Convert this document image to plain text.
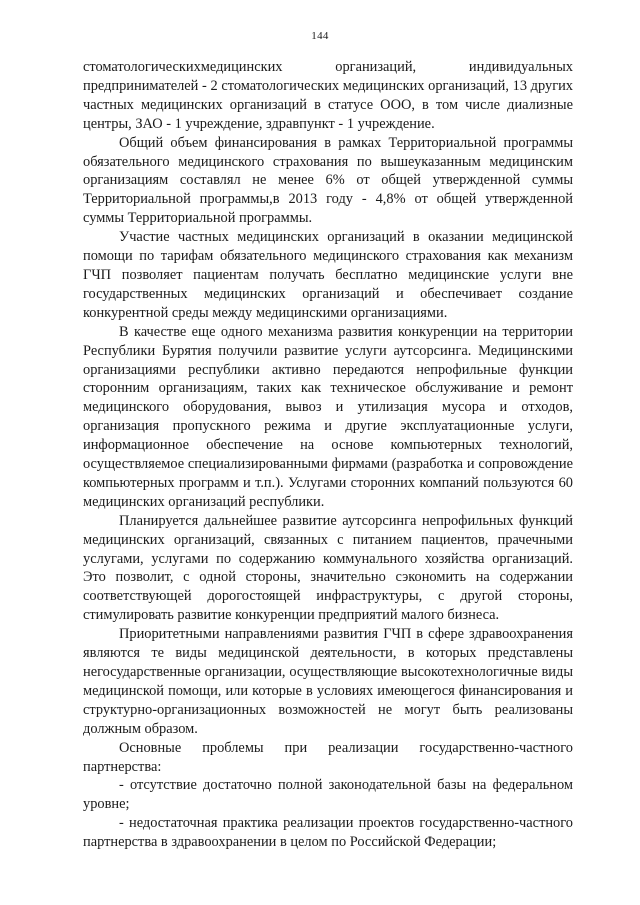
144

стоматологическихмедицинских организаций, индивидуальных предпринимателей - 2 стоматологических медицинских организаций, 13 других частных медицинских организаций в статусе ООО, в том числе диализные центры, ЗАО - 1 учреждение, здравпункт - 1 учреждение.

Общий объем финансирования в рамках Территориальной программы обязательного медицинского страхования по вышеуказанным медицинским организациям составлял не менее 6% от общей утвержденной суммы Территориальной программы,в 2013 году - 4,8% от общей утвержденной суммы Территориальной программы.

Участие частных медицинских организаций в оказании медицинской помощи по тарифам обязательного медицинского страхования как механизм ГЧП позволяет пациентам получать бесплатно медицинские услуги вне государственных медицинских организаций и обеспечивает создание конкурентной среды между медицинскими организациями.

В качестве еще одного механизма развития конкуренции на территории Республики Бурятия получили развитие услуги аутсорсинга. Медицинскими организациями республики активно передаются непрофильные функции сторонним организациям, таких как техническое обслуживание и ремонт медицинского оборудования, вывоз и утилизация мусора и отходов, организация пропускного режима и другие эксплуатационные услуги, информационное обеспечение на основе компьютерных технологий, осуществляемое специализированными фирмами (разработка и сопровождение компьютерных программ и т.п.). Услугами сторонних компаний пользуются 60 медицинских организаций республики.

Планируется дальнейшее развитие аутсорсинга непрофильных функций медицинских организаций, связанных с питанием пациентов, прачечными услугами, услугами по содержанию коммунального хозяйства организаций. Это позволит, с одной стороны, значительно сэкономить на содержании соответствующей дорогостоящей инфраструктуры, с другой стороны, стимулировать развитие конкуренции предприятий малого бизнеса.

Приоритетными направлениями развития ГЧП в сфере здравоохранения являются те виды медицинской деятельности, в которых представлены негосударственные организации, осуществляющие высокотехнологичные виды медицинской помощи, или которые в условиях имеющегося финансирования и структурно-организационных возможностей не могут быть реализованы должным образом.

Основные проблемы при реализации государственно-частного партнерства:

- отсутствие достаточно полной законодательной базы на федеральном уровне;

- недостаточная практика реализации проектов государственно-частного партнерства в здравоохранении в целом по Российской Федерации;
